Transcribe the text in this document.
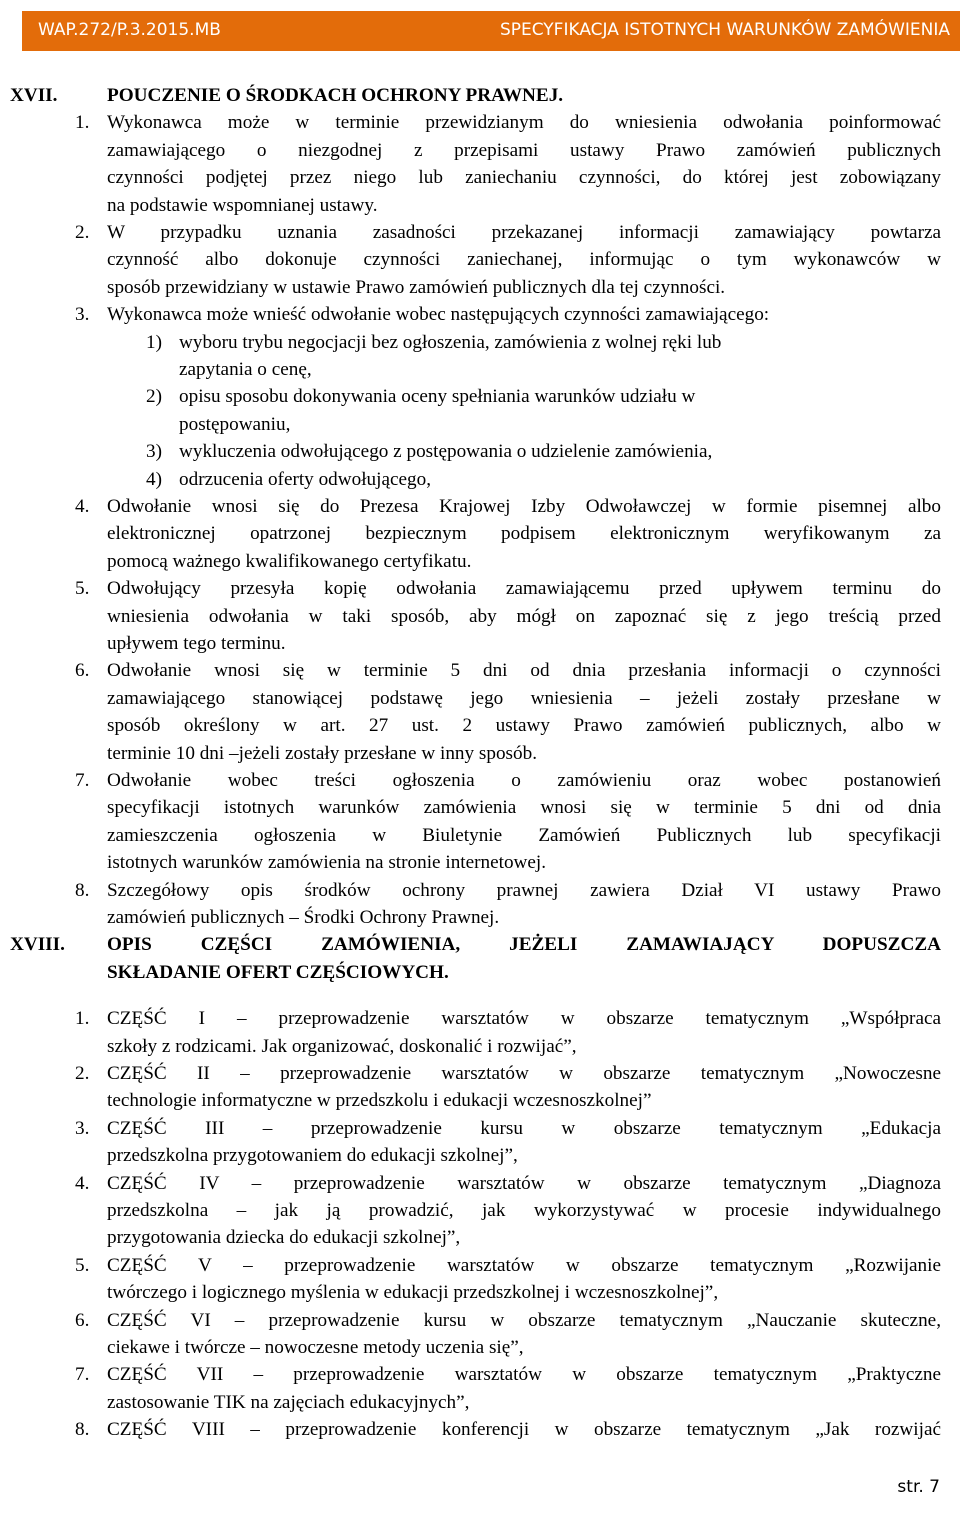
WAP.272/P.3.2015.MB	SPECYFIKACJA ISTOTNYCH WARUNKÓW ZAMÓWIENIA
XVII.	POUCZENIE O ŚRODKACH OCHRONY PRAWNEJ.
1. Wykonawca może w terminie przewidzianym do wniesienia odwołania poinformować
zamawiającego o niezgodnej z przepisami ustawy Prawo zamówień publicznych
czynności podjętej przez niego lub zaniechaniu czynności, do której jest zobowiązany
na podstawie wspomnianej ustawy.
2. W przypadku uznania zasadności przekazanej informacji zamawiający powtarza
czynność albo dokonuje czynności zaniechanej, informując o tym wykonawców w
sposób przewidziany w ustawie Prawo zamówień publicznych dla tej czynności.
3. Wykonawca może wnieść odwołanie wobec następujących czynności zamawiającego:
1) wyboru trybu negocjacji bez ogłoszenia, zamówienia z wolnej ręki lub
zapytania o cenę,
2) opisu sposobu dokonywania oceny spełniania warunków udziału w
postępowaniu,
3) wykluczenia odwołującego z postępowania o udzielenie zamówienia,
4) odrzucenia oferty odwołującego,
4. Odwołanie wnosi się do Prezesa Krajowej Izby Odwoławczej w formie pisemnej albo
elektronicznej opatrzonej bezpiecznym podpisem elektronicznym weryfikowanym za
pomocą ważnego kwalifikowanego certyfikatu.
5. Odwołujący przesyła kopię odwołania zamawiającemu przed upływem terminu do
wniesienia odwołania w taki sposób, aby mógł on zapoznać się z jego treścią przed
upływem tego terminu.
6. Odwołanie wnosi się w terminie 5 dni od dnia przesłania informacji o czynności
zamawiającego stanowiącej podstawę jego wniesienia – jeżeli zostały przesłane w
sposób określony w art. 27 ust. 2 ustawy Prawo zamówień publicznych, albo w
terminie 10 dni –jeżeli zostały przesłane w inny sposób.
7. Odwołanie wobec treści ogłoszenia o zamówieniu oraz wobec postanowień
specyfikacji istotnych warunków zamówienia wnosi się w terminie 5 dni od dnia
zamieszczenia ogłoszenia w Biuletynie Zamówień Publicznych lub specyfikacji
istotnych warunków zamówienia na stronie internetowej.
8. Szczegółowy opis środków ochrony prawnej zawiera Dział VI ustawy Prawo
zamówień publicznych – Środki Ochrony Prawnej.
XVIII. OPIS CZĘŚCI ZAMÓWIENIA, JEŻELI ZAMAWIAJĄCY DOPUSZCZA
SKŁADANIE OFERT CZĘŚCIOWYCH.
1. CZĘŚĆ I – przeprowadzenie warsztatów w obszarze tematycznym „Współpraca
szkoły z rodzicami. Jak organizować, doskonalić i rozwijać”,
2. CZĘŚĆ II – przeprowadzenie warsztatów w obszarze tematycznym „Nowoczesne
technologie informatyczne w przedszkolu i edukacji wczesnoszkolnej”
3. CZĘŚĆ III – przeprowadzenie kursu w obszarze tematycznym „Edukacja
przedszkolna przygotowaniem do edukacji szkolnej”,
4. CZĘŚĆ IV – przeprowadzenie warsztatów w obszarze tematycznym „Diagnoza
przedszkolna – jak ją prowadzić, jak wykorzystywać w procesie indywidualnego
przygotowania dziecka do edukacji szkolnej”,
5. CZĘŚĆ V – przeprowadzenie warsztatów w obszarze tematycznym „Rozwijanie
twórczego i logicznego myślenia w edukacji przedszkolnej i wczesnoszkolnej”,
6. CZĘŚĆ VI – przeprowadzenie kursu w obszarze tematycznym „Nauczanie skuteczne,
ciekawe i twórcze – nowoczesne metody uczenia się”,
7. CZĘŚĆ VII – przeprowadzenie warsztatów w obszarze tematycznym „Praktyczne
zastosowanie TIK na zajęciach edukacyjnych”,
8. CZĘŚĆ VIII – przeprowadzenie konferencji w obszarze tematycznym „Jak rozwijać
str. 7
